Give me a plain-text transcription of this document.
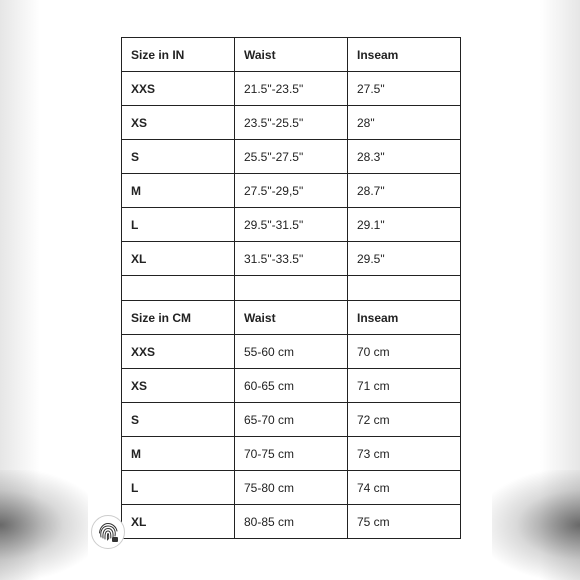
Size in IN	Waist	Inseam
XXS	21.5"-23.5"	27.5"
XS	23.5"-25.5"	28"
S	25.5"-27.5"	28.3"
M	27.5"-29,5"	28.7"
L	29.5"-31.5"	29.1"
XL	31.5"-33.5"	29.5"

Size in CM	Waist	Inseam
XXS	55-60 cm	70 cm
XS	60-65 cm	71 cm
S	65-70 cm	72 cm
M	70-75 cm	73 cm
L	75-80 cm	74 cm
XL	80-85 cm	75 cm
